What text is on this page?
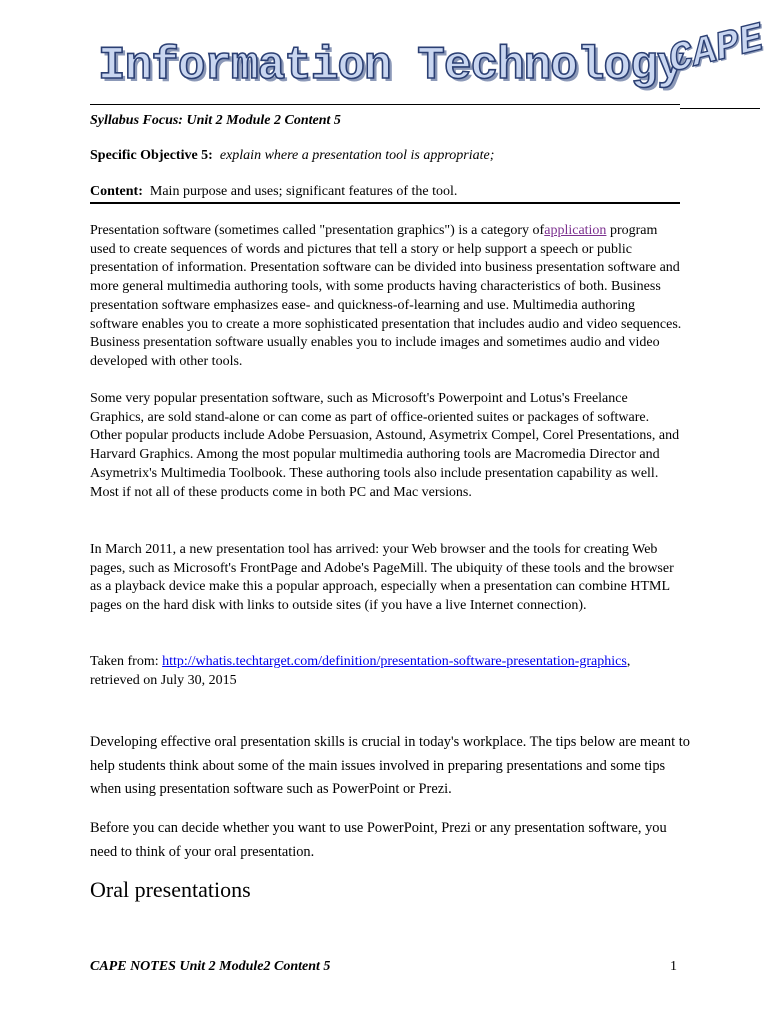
Information Technology
CAPE
Syllabus Focus: Unit 2 Module 2 Content 5
Specific Objective 5: explain where a presentation tool is appropriate;
Content: Main purpose and uses; significant features of the tool.
Presentation software (sometimes called "presentation graphics") is a category ofapplication program used to create sequences of words and pictures that tell a story or help support a speech or public presentation of information. Presentation software can be divided into business presentation software and more general multimedia authoring tools, with some products having characteristics of both. Business presentation software emphasizes ease- and quickness-of-learning and use. Multimedia authoring software enables you to create a more sophisticated presentation that includes audio and video sequences. Business presentation software usually enables you to include images and sometimes audio and video developed with other tools.
Some very popular presentation software, such as Microsoft's Powerpoint and Lotus's Freelance Graphics, are sold stand-alone or can come as part of office-oriented suites or packages of software. Other popular products include Adobe Persuasion, Astound, Asymetrix Compel, Corel Presentations, and Harvard Graphics. Among the most popular multimedia authoring tools are Macromedia Director and Asymetrix's Multimedia Toolbook. These authoring tools also include presentation capability as well. Most if not all of these products come in both PC and Mac versions.
In March 2011, a new presentation tool has arrived: your Web browser and the tools for creating Web pages, such as Microsoft's FrontPage and Adobe's PageMill. The ubiquity of these tools and the browser as a playback device make this a popular approach, especially when a presentation can combine HTML pages on the hard disk with links to outside sites (if you have a live Internet connection).
Taken from: http://whatis.techtarget.com/definition/presentation-software-presentation-graphics,
retrieved on July 30, 2015
Developing effective oral presentation skills is crucial in today's workplace. The tips below are meant to help students think about some of the main issues involved in preparing presentations and some tips when using presentation software such as PowerPoint or Prezi.
Before you can decide whether you want to use PowerPoint, Prezi or any presentation software, you need to think of your oral presentation.
Oral presentations
CAPE NOTES Unit 2 Module2 Content 5	1
